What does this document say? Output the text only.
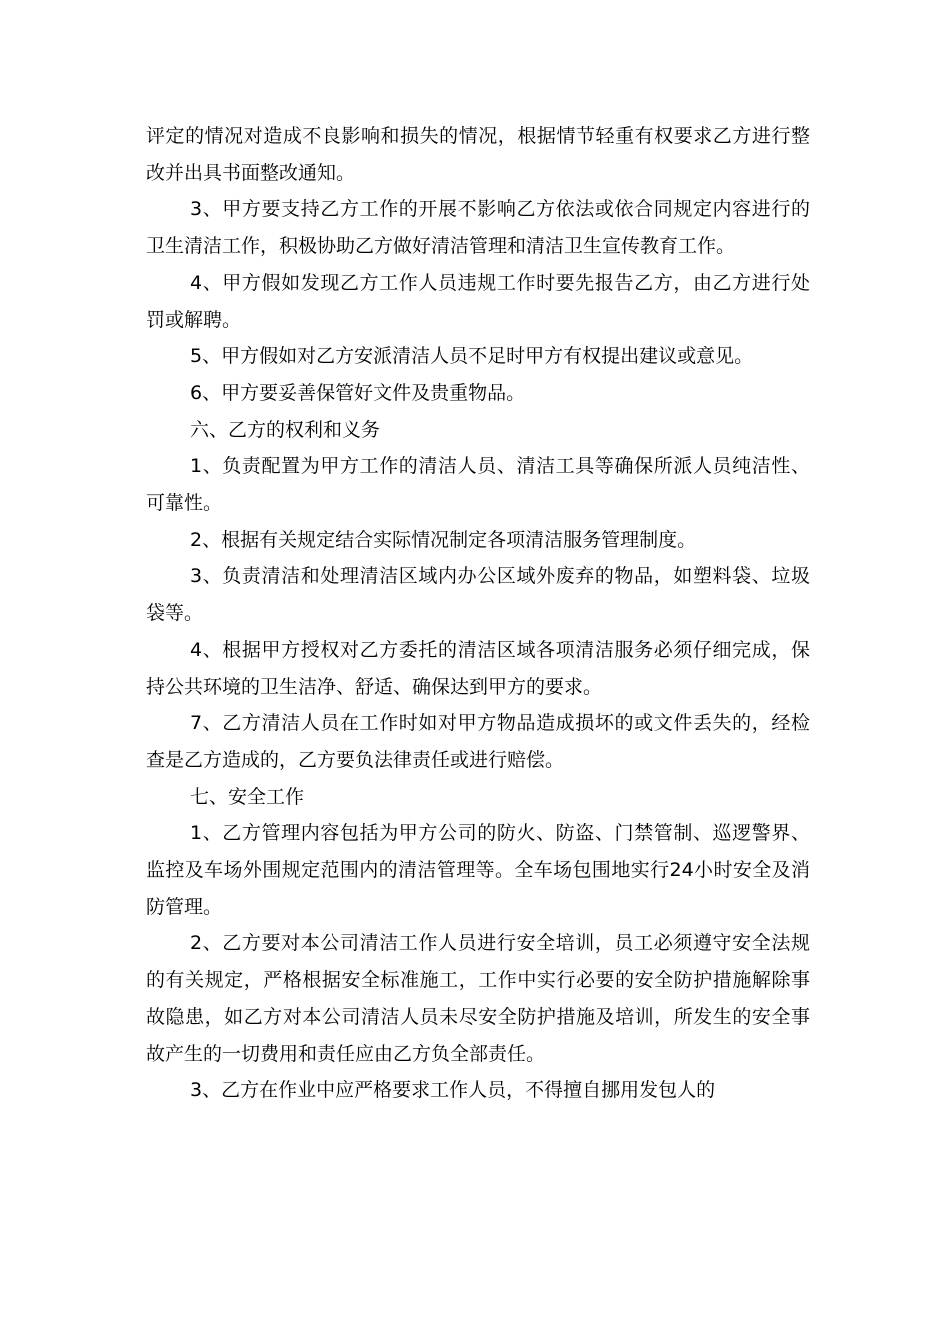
评定的情况对造成不良影响和损失的情况，根据情节轻重有权要求乙方进行整改并出具书面整改通知。

3、甲方要支持乙方工作的开展不影响乙方依法或依合同规定内容进行的卫生清洁工作，积极协助乙方做好清洁管理和清洁卫生宣传教育工作。

4、甲方假如发现乙方工作人员违规工作时要先报告乙方，由乙方进行处罚或解聘。

5、甲方假如对乙方安派清洁人员不足时甲方有权提出建议或意见。

6、甲方要妥善保管好文件及贵重物品。

六、乙方的权利和义务

1、负责配置为甲方工作的清洁人员、清洁工具等确保所派人员纯洁性、可靠性。

2、根据有关规定结合实际情况制定各项清洁服务管理制度。

3、负责清洁和处理清洁区域内办公区域外废弃的物品，如塑料袋、垃圾袋等。

4、根据甲方授权对乙方委托的清洁区域各项清洁服务必须仔细完成，保持公共环境的卫生洁净、舒适、确保达到甲方的要求。

7、乙方清洁人员在工作时如对甲方物品造成损坏的或文件丢失的，经检查是乙方造成的，乙方要负法律责任或进行赔偿。

七、安全工作

1、乙方管理内容包括为甲方公司的防火、防盗、门禁管制、巡逻警界、监控及车场外围规定范围内的清洁管理等。全车场包围地实行24小时安全及消防管理。

2、乙方要对本公司清洁工作人员进行安全培训，员工必须遵守安全法规的有关规定，严格根据安全标准施工，工作中实行必要的安全防护措施解除事故隐患，如乙方对本公司清洁人员未尽安全防护措施及培训，所发生的安全事故产生的一切费用和责任应由乙方负全部责任。

3、乙方在作业中应严格要求工作人员，不得擅自挪用发包人的
